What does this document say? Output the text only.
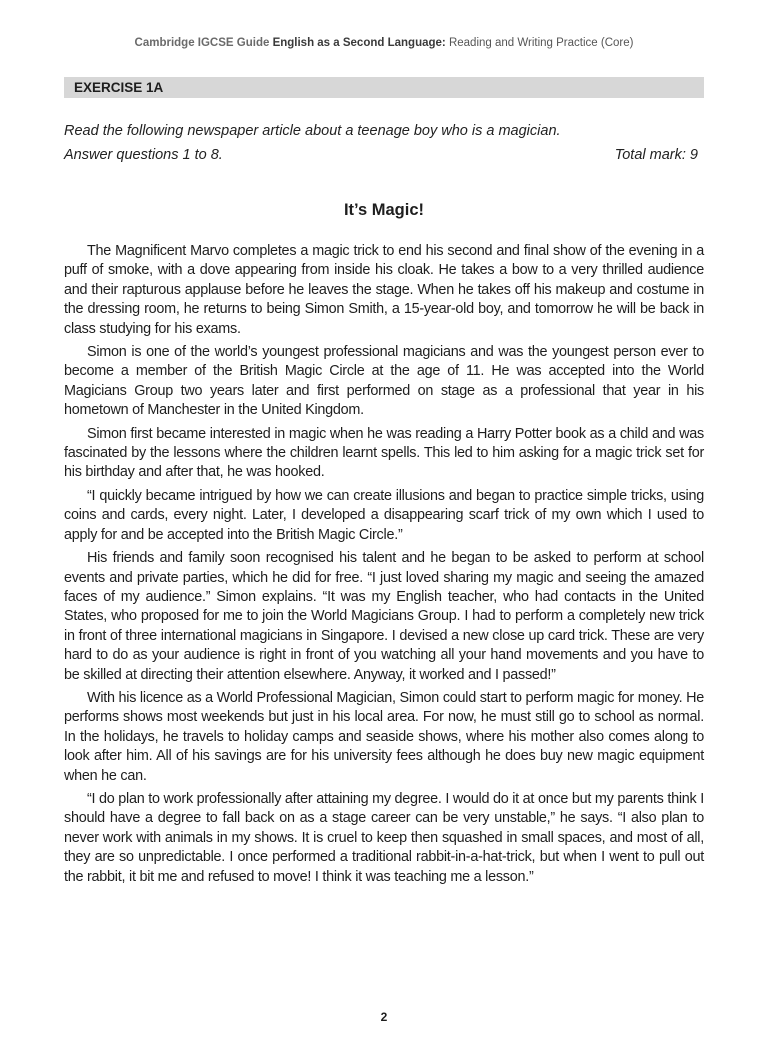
Cambridge IGCSE Guide English as a Second Language: Reading and Writing Practice (Core)
EXERCISE 1A
Read the following newspaper article about a teenage boy who is a magician.
Answer questions 1 to 8.	Total mark: 9
It’s Magic!

The Magnificent Marvo completes a magic trick to end his second and final show of the evening in a puff of smoke, with a dove appearing from inside his cloak. He takes a bow to a very thrilled audience and their rapturous applause before he leaves the stage. When he takes off his makeup and costume in the dressing room, he returns to being Simon Smith, a 15-year-old boy, and tomorrow he will be back in class studying for his exams.

Simon is one of the world’s youngest professional magicians and was the youngest person ever to become a member of the British Magic Circle at the age of 11. He was accepted into the World Magicians Group two years later and first performed on stage as a professional that year in his hometown of Manchester in the United Kingdom.

Simon first became interested in magic when he was reading a Harry Potter book as a child and was fascinated by the lessons where the children learnt spells. This led to him asking for a magic trick set for his birthday and after that, he was hooked.

“I quickly became intrigued by how we can create illusions and began to practice simple tricks, using coins and cards, every night. Later, I developed a disappearing scarf trick of my own which I used to apply for and be accepted into the British Magic Circle.”

His friends and family soon recognised his talent and he began to be asked to perform at school events and private parties, which he did for free. “I just loved sharing my magic and seeing the amazed faces of my audience.” Simon explains. “It was my English teacher, who had contacts in the United States, who proposed for me to join the World Magicians Group. I had to perform a completely new trick in front of three international magicians in Singapore. I devised a new close up card trick. These are very hard to do as your audience is right in front of you watching all your hand movements and you have to be skilled at directing their attention elsewhere. Anyway, it worked and I passed!”

With his licence as a World Professional Magician, Simon could start to perform magic for money. He performs shows most weekends but just in his local area. For now, he must still go to school as normal. In the holidays, he travels to holiday camps and seaside shows, where his mother also comes along to look after him. All of his savings are for his university fees although he does buy new magic equipment when he can.

“I do plan to work professionally after attaining my degree. I would do it at once but my parents think I should have a degree to fall back on as a stage career can be very unstable,” he says. “I also plan to never work with animals in my shows. It is cruel to keep then squashed in small spaces, and most of all, they are so unpredictable. I once performed a traditional rabbit-in-a-hat-trick, but when I went to pull out the rabbit, it bit me and refused to move! I think it was teaching me a lesson.”

2
